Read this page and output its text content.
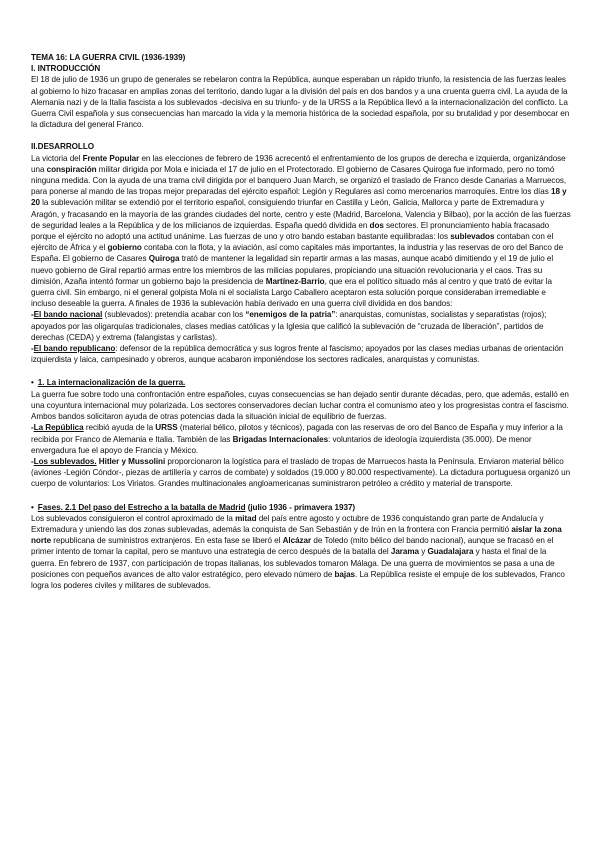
TEMA 16: LA GUERRA CIVIL (1936-1939)

I. INTRODUCCIÓN

El 18 de julio de 1936 un grupo de generales se rebelaron contra la República, aunque esperaban un rápido triunfo, la resistencia de las fuerzas leales al gobierno lo hizo fracasar en amplias zonas del territorio, dando lugar a la división del país en dos bandos y a una cruenta guerra civil. La ayuda de la Alemania nazi y de la Italia fascista a los sublevados -decisiva en su triunfo- y de la URSS a la República llevó a la internacionalización del conflicto. La Guerra Civil española y sus consecuencias han marcado la vida y la memoria histórica de la sociedad española, por su brutalidad y por desembocar en la dictadura del general Franco.

II.DESARROLLO

La victoria del Frente Popular en las elecciones de febrero de 1936 acrecentó el enfrentamiento de los grupos de derecha e izquierda, organizándose una conspiración militar dirigida por Mola e iniciada el 17 de julio en el Protectorado. El gobierno de Casares Quiroga fue informado, pero no tomó ninguna medida. Con la ayuda de una trama civil dirigida por el banquero Juan March, se organizó el traslado de Franco desde Canarias a Marruecos, para ponerse al mando de las tropas mejor preparadas del ejército español: Legión y Regulares así como mercenarios marroquíes. Entre los días 18 y 20 la sublevación militar se extendió por el territorio español, consiguiendo triunfar en Castilla y León, Galicia, Mallorca y parte de Extremadura y Aragón, y fracasando en la mayoría de las grandes ciudades del norte, centro y este (Madrid, Barcelona, Valencia y Bilbao), por la acción de las fuerzas de seguridad leales a la República y de los milicianos de izquierdas. España quedó dividida en dos sectores. El pronunciamiento había fracasado porque el ejército no adoptó una actitud unánime. Las fuerzas de uno y otro bando estaban bastante equilibradas: los sublevados contaban con el ejército de África y el gobierno contaba con la flota, y la aviación, así como capitales más importantes, la industria y las reservas de oro del Banco de España. El gobierno de Casares Quiroga trató de mantener la legalidad sin repartir armas a las masas, aunque acabó dimitiendo y el 19 de julio el nuevo gobierno de Giral repartió armas entre los miembros de las milicias populares, propiciando una situación revolucionaria y el caos. Tras su dimisión, Azaña intentó formar un gobierno bajo la presidencia de Martínez-Barrio, que era el político situado más al centro y que trató de evitar la guerra civil. Sin embargo, ni el general golpista Mola ni el socialista Largo Caballero aceptaron esta solución porque consideraban irremediable e incluso deseable la guerra. A finales de 1936 la sublevación había derivado en una guerra civil dividida en dos bandos:

-El bando nacional (sublevados): pretendía acabar con los “enemigos de la patria”: anarquistas, comunistas, socialistas y separatistas (rojos); apoyados por las oligarquías tradicionales, clases medias católicas y la Iglesia que calificó la sublevación de “cruzada de liberación”, partidos de derechas (CEDA) y extrema (falangistas y carlistas).

-El bando republicano: defensor de la república democrática y sus logros frente al fascismo; apoyados por las clases medias urbanas de orientación izquierdista y laica, campesinado y obreros, aunque acabaron imponiéndose los sectores radicales, anarquistas y comunistas.

• 1. La internacionalización de la guerra.

La guerra fue sobre todo una confrontación entre españoles, cuyas consecuencias se han dejado sentir durante décadas, pero, que además, estalló en una coyuntura internacional muy polarizada. Los sectores conservadores decían luchar contra el comunismo ateo y los progresistas contra el fascismo. Ambos bandos solicitaron ayuda de otras potencias dada la situación inicial de equilibrio de fuerzas.

-La República recibió ayuda de la URSS (material bélico, pilotos y técnicos), pagada con las reservas de oro del Banco de España y muy inferior a la recibida por Franco de Alemania e Italia. También de las Brigadas Internacionales: voluntarios de ideología izquierdista (35.000). De menor envergadura fue el apoyo de Francia y México.

-Los sublevados. Hitler y Mussolini proporcionaron la logística para el traslado de tropas de Marruecos hasta la Península. Enviaron material bélico (aviones -Legión Cóndor-, piezas de artillería y carros de combate) y soldados (19.000 y 80.000 respectivamente). La dictadura portuguesa organizó un cuerpo de voluntarios: Los Viriatos. Grandes multinacionales angloamericanas suministraron petróleo a crédito y material de transporte.

• Fases. 2.1 Del paso del Estrecho a la batalla de Madrid (julio 1936 - primavera 1937)

Los sublevados consiguieron el control aproximado de la mitad del país entre agosto y octubre de 1936 conquistando gran parte de Andalucía y Extremadura y uniendo las dos zonas sublevadas, además la conquista de San Sebastián y de Irún en la frontera con Francia permitió aislar la zona norte republicana de suministros extranjeros. En esta fase se liberó el Alcázar de Toledo (mito bélico del bando nacional), aunque se fracasó en el primer intento de tomar la capital, pero se mantuvo una estrategia de cerco después de la batalla del Jarama y Guadalajara y hasta el final de la guerra. En febrero de 1937, con participación de tropas italianas, los sublevados tomaron Málaga. De una guerra de movimientos se pasa a una de posiciones con pequeños avances de alto valor estratégico, pero elevado número de bajas. La República resiste el empuje de los sublevados, Franco logra los poderes civiles y militares de sublevados.
